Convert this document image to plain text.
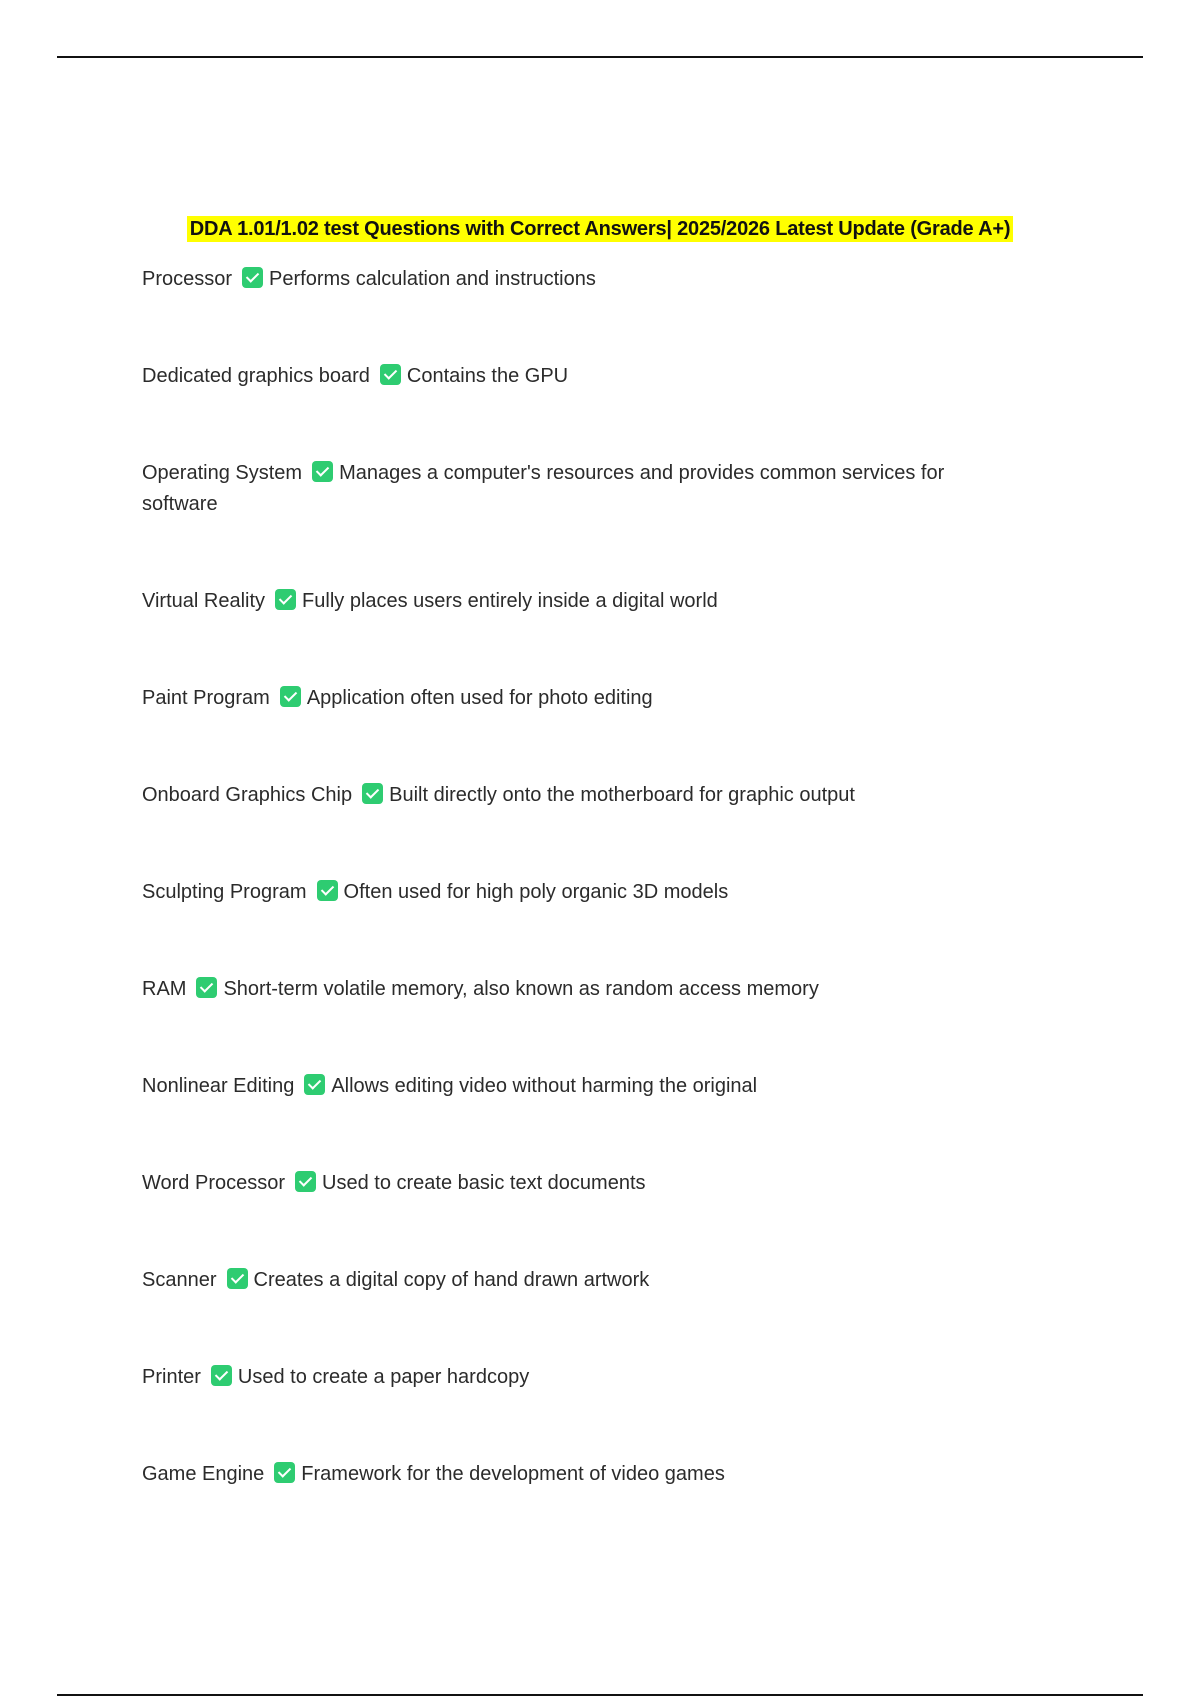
DDA 1.01/1.02 test Questions with Correct Answers| 2025/2026 Latest Update (Grade A+)
Processor Performs calculation and instructions
Dedicated graphics board Contains the GPU
Operating System Manages a computer's resources and provides common services for software
Virtual Reality Fully places users entirely inside a digital world
Paint Program Application often used for photo editing
Onboard Graphics Chip Built directly onto the motherboard for graphic output
Sculpting Program Often used for high poly organic 3D models
RAM Short-term volatile memory, also known as random access memory
Nonlinear Editing Allows editing video without harming the original
Word Processor Used to create basic text documents
Scanner Creates a digital copy of hand drawn artwork
Printer Used to create a paper hardcopy
Game Engine Framework for the development of video games
